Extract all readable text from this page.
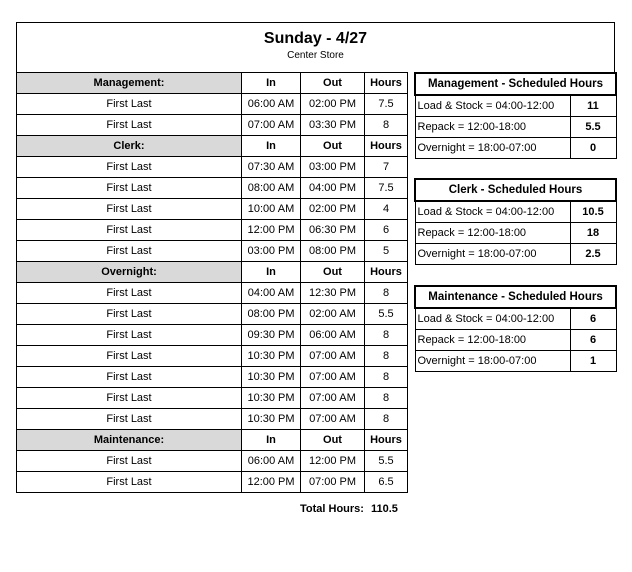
Sunday - 4/27
Center Store
Management:	In	Out	Hours
First Last	06:00 AM	02:00 PM	7.5
First Last	07:00 AM	03:30 PM	8
Clerk:	In	Out	Hours
First Last	07:30 AM	03:00 PM	7
First Last	08:00 AM	04:00 PM	7.5
First Last	10:00 AM	02:00 PM	4
First Last	12:00 PM	06:30 PM	6
First Last	03:00 PM	08:00 PM	5
Overnight:	In	Out	Hours
First Last	04:00 AM	12:30 PM	8
First Last	08:00 PM	02:00 AM	5.5
First Last	09:30 PM	06:00 AM	8
First Last	10:30 PM	07:00 AM	8
First Last	10:30 PM	07:00 AM	8
First Last	10:30 PM	07:00 AM	8
First Last	10:30 PM	07:00 AM	8
Maintenance:	In	Out	Hours
First Last	06:00 AM	12:00 PM	5.5
First Last	12:00 PM	07:00 PM	6.5
Management - Scheduled Hours	
Load & Stock = 04:00-12:00	11
Repack = 12:00-18:00	5.5
Overnight = 18:00-07:00	0
Clerk - Scheduled Hours	
Load & Stock = 04:00-12:00	10.5
Repack = 12:00-18:00	18
Overnight = 18:00-07:00	2.5
Maintenance - Scheduled Hours	
Load & Stock = 04:00-12:00	6
Repack = 12:00-18:00	6
Overnight = 18:00-07:00	1
Total Hours: 110.5
